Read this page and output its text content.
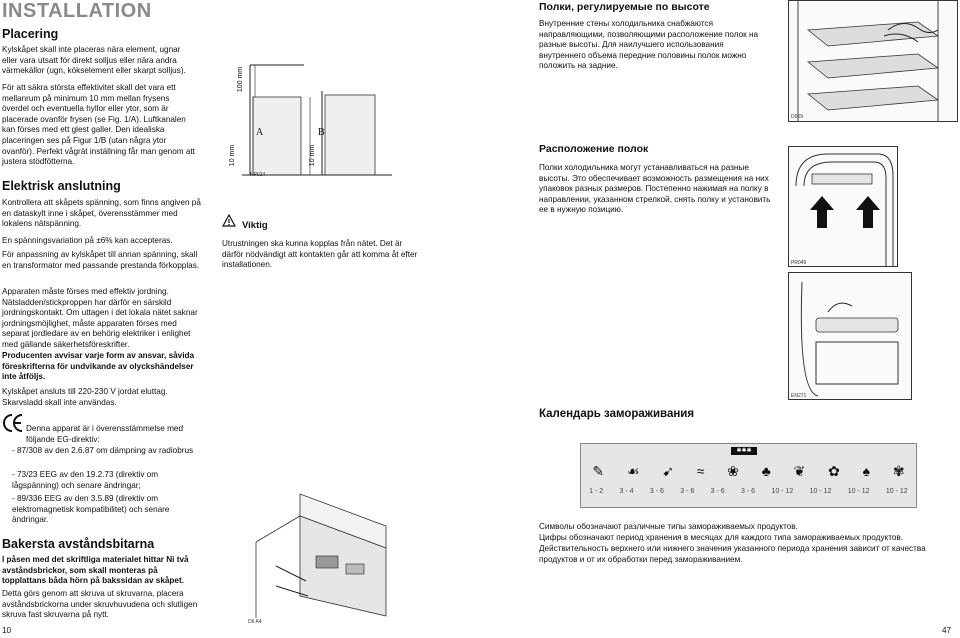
INSTALLATION
Placering

Kylskåpet skall inte placeras nära element, ugnar eller vara utsatt för direkt solljus eller nära andra värmekällor (ugn, kökselement eller skarpt solljus).

För att säkra största effektivitet skall det vara ett mellanrum på minimum 10 mm mellan frysens överdel och eventuella hyllor eller ytor, som är placerade ovanför frysen (se Fig. 1/A). Luftkanalen kan förses med ett glest galler. Den idealiska placeringen ses på Figur 1/B (utan några ytor ovanför). Perfekt vågrät inställning får man genom att justera stödfötterna.

Elektrisk anslutning

Kontrollera att skåpets spänning, som finns angiven på en dataskylt inne i skåpet, överensstämmer med lokalens nätspänning.

En spänningsvariation på ±6% kan accepteras.

För anpassning av kylskåpet till annan spänning, skall en transformator med passande prestanda förkopplas.

Apparaten måste förses med effektiv jordning. Nätsladden/stickproppen har därför en särskild jordningskontakt. Om uttagen i det lokala nätet saknar jordningsmöjlighet, måste apparaten förses med separat jordledare av en behörig elektriker i enlighet med gällande säkerhetsföreskrifter.

Producenten avvisar varje form av ansvar, såvida föreskrifterna för undvikande av olyckshändelser inte åtföljs.

Kylskåpet ansluts till 220-230 V jordat eluttag. Skarvsladd skall inte användas.

Denna apparat är i överensstämmelse med följande EG-direktiv:

- 87/308 av den 2.6.87 om dämpning av radiobrus

- 73/23 EEG av den 19.2.73 (direktiv om lågspänning) och senare ändringar;

- 89/336 EEG av den 3.5.89 (direktiv om elektromagnetisk kompatibilitet) och senare ändringar.

Bakersta avståndsbitarna

I påsen med det skriftliga materialet hittar Ni två avståndsbrickor, som skall monteras på topplattans båda hörn på bakssidan av skåpet.

Detta görs genom att skruva ut skruvarna, placera avståndsbrickorna under skruvhuvudena och slutligen skruva fast skruvarna på nytt.

10
100 mm
10 mm	10 mm
A	B
NP024
Viktig

Utrustningen ska kunna kopplas från nätet. Det är därför nödvändigt att kontakten går att komma åt efter installationen.

D6 A4
Полки, регулируемые по высоте

Внутренние стены холодильника снабжаются направляющими, позволяющими расположение полок на разные высоты. Для наилучшего использования внутреннего объема передние половины полок можно положить на задние.

D069
Расположение полок

Полки холодильника могут устанавливаться на разные высоты. Это обеспечивает возможность размещения на них упаковок разных размеров. Постепенно нажимая на полку в направлении, указанном стрелкой, снять полку и установить ее в нужную позицию.

PR049
EN271
Календарь замораживания
✱✱✱
✎ ☙ ➹ ≈ ❀ ♣ ❦ ✿ ♠ ✾
1 - 2 3 - 4 3 - 6 3 - 6 3 - 6 3 - 6 10 - 12 10 - 12 10 - 12 10 - 12

Символы обозначают различные типы замораживаемых продуктов.

Цифры обозначают период хранения в месяцах для каждого типа замораживаемых продуктов.

Действительность верхнего или нижнего значения указанного периода хранения зависит от качества продуктов и от их обработки перед замораживанием.

47
